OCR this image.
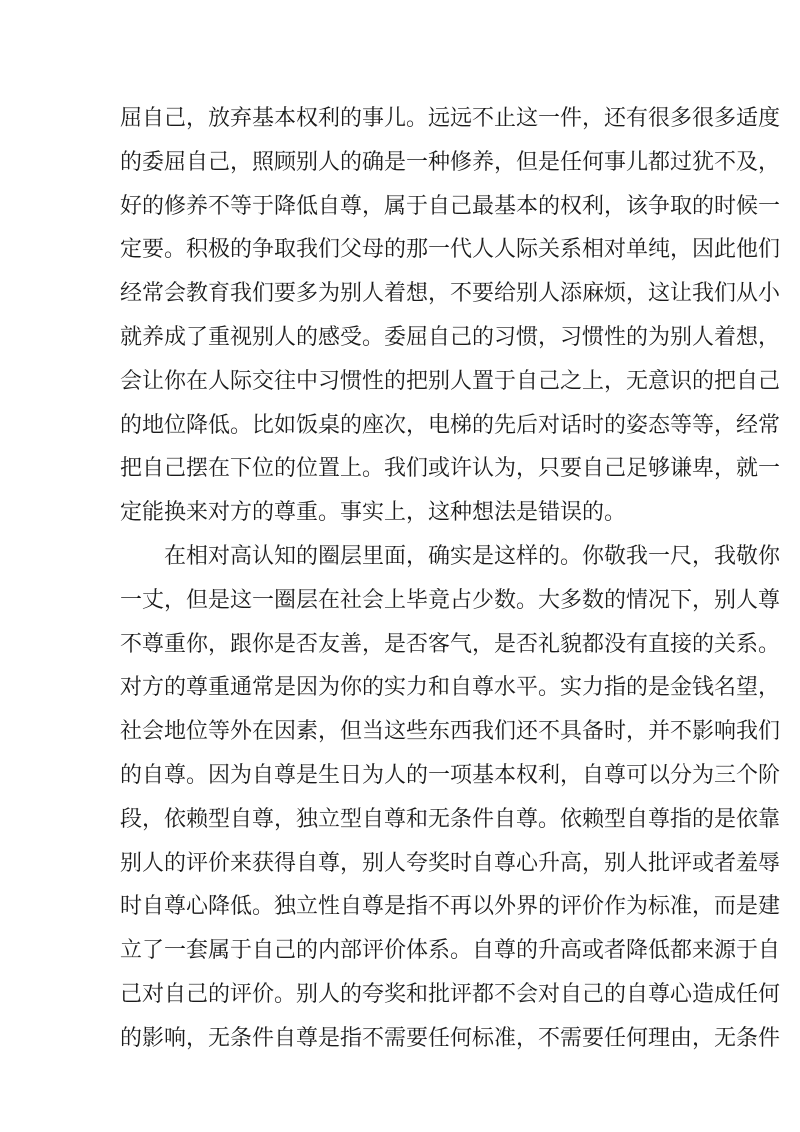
屈自己，放弃基本权利的事儿。远远不止这一件，还有很多很多适度
的委屈自己，照顾别人的确是一种修养，但是任何事儿都过犹不及，
好的修养不等于降低自尊，属于自己最基本的权利，该争取的时候一
定要。积极的争取我们父母的那一代人人际关系相对单纯，因此他们
经常会教育我们要多为别人着想，不要给别人添麻烦，这让我们从小
就养成了重视别人的感受。委屈自己的习惯，习惯性的为别人着想，
会让你在人际交往中习惯性的把别人置于自己之上，无意识的把自己
的地位降低。比如饭桌的座次，电梯的先后对话时的姿态等等，经常
把自己摆在下位的位置上。我们或许认为，只要自己足够谦卑，就一
定能换来对方的尊重。事实上，这种想法是错误的。
在相对高认知的圈层里面，确实是这样的。你敬我一尺，我敬你
一丈，但是这一圈层在社会上毕竟占少数。大多数的情况下，别人尊
不尊重你，跟你是否友善，是否客气，是否礼貌都没有直接的关系。
对方的尊重通常是因为你的实力和自尊水平。实力指的是金钱名望，
社会地位等外在因素，但当这些东西我们还不具备时，并不影响我们
的自尊。因为自尊是生日为人的一项基本权利，自尊可以分为三个阶
段，依赖型自尊，独立型自尊和无条件自尊。依赖型自尊指的是依靠
别人的评价来获得自尊，别人夸奖时自尊心升高，别人批评或者羞辱
时自尊心降低。独立性自尊是指不再以外界的评价作为标准，而是建
立了一套属于自己的内部评价体系。自尊的升高或者降低都来源于自
己对自己的评价。别人的夸奖和批评都不会对自己的自尊心造成任何
的影响，无条件自尊是指不需要任何标准，不需要任何理由，无条件
